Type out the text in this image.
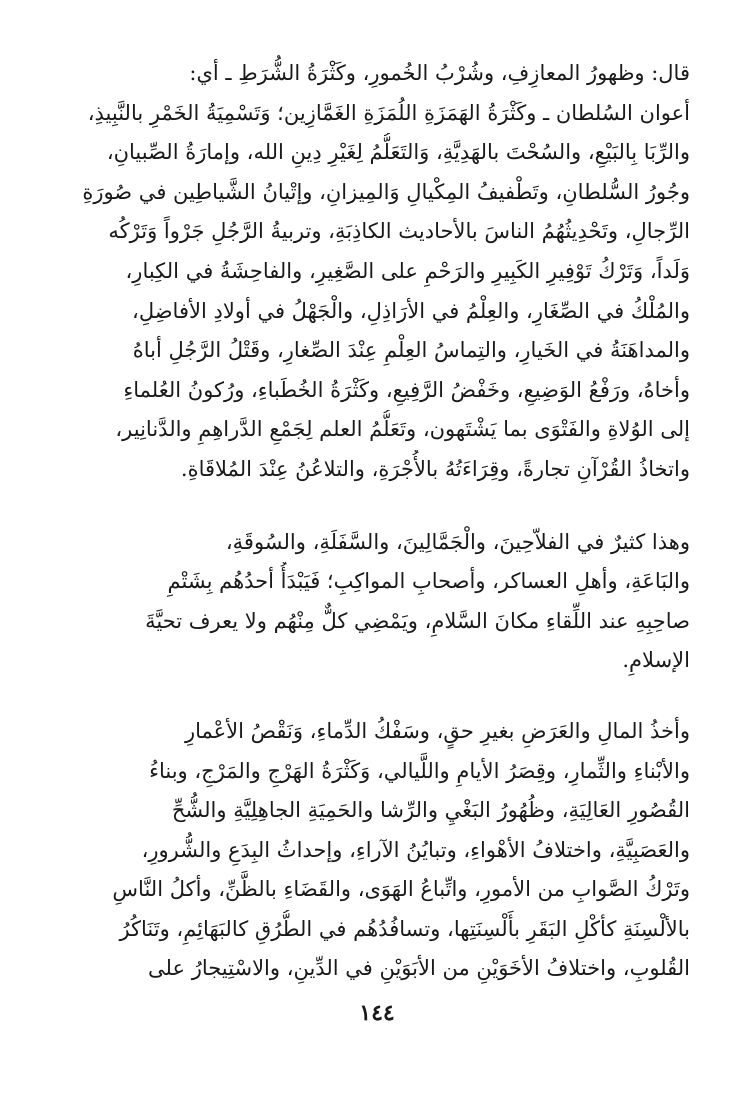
قال: وظهورُ المعازِفِ، وشُرْبُ الخُمورِ، وكَثْرَةُ الشُّرَطِ ـ أي:
أعوان السُلطان ـ وكَثْرَةُ الهَمَزَةِ اللُمَزَةِ الغَمَّازِين؛ وَتَسْمِيَةُ الخَمْرِ بالنَّبِيذِ،
والرِّبَا بِالبَيْعِ، والسُحْتَ بالهَدِيَّةِ، وَالتَعَلُّمُ لِغَيْرِ دِينِ الله، وإمارَةُ الصِّبيانِ،
وجُورُ السُّلطانِ، وتَطْفيفُ المِكْيالِ وَالمِيزانِ، وإتْيانُ الشَّياطِين في صُورَةِ
الرِّجالِ، وتَحْدِيثُهُمُ الناسَ بالأحاديث الكاذِبَةِ، وتربيةُ الرَّجُلِ جَرْواً وَتَرْكُه
وَلَداً، وَتَرْكُ تَوْفِيرِ الكَبِيرِ والرَحْمِ على الصَّغِيرِ، والفاحِشَةُ في الكِبارِ،
والمُلْكُ في الصِّغَارِ، والعِلْمُ في الأرَاذِلِ، والْجَهْلُ في أولادِ الأفاضِلِ،
والمداهَنَةُ في الخَيارِ، والتِماسُ العِلْمِ عِنْدَ الصِّغارِ، وقَتْلُ الرَّجُلِ أباهُ
وأخاهُ، ورَفْعُ الوَضِيعِ، وخَفْضُ الرَّفِيعِ، وكَثْرَةُ الخُطَباءِ، ورُكونُ العُلماءِ
إلى الوُلاةِ والفَتْوَى بما يَشْتَهون، وتَعَلُّمُ العلم لِجَمْعِ الدَّراهِمِ والدَّنانِير،
واتخاذُ القُرْآنِ تجارةً، وقِرَاءَتُهُ بالأُجْرَةِ، والتلاعُنُ عِنْدَ المُلاقَاةِ.

وهذا كثيرٌ في الفلاّحِينَ، والْجَمَّالِينَ، والسَّفَلَةِ، والسُوقَةِ،
والبَاعَةِ، وأهلِ العساكر، وأصحابِ المواكِبِ؛ فَيَبْدَأُ أحدُهُم بِشَتْمِ
صاحِبِهِ عند اللِّقاءِ مكانَ السَّلامِ، ويَمْضِي كلٌّ مِنْهُم ولا يعرف تحيَّةَ
الإسلامِ.

وأخذُ المالِ والعَرَضِ بغيرِ حقٍ، وسَفْكُ الدِّماءِ، وَنَقْصُ الأعْمارِ
والأبْناءِ والثِّمارِ، وقِصَرُ الأيامِ واللَّيالي، وَكَثْرَةُ الهَرْجِ والمَرْجِ، وبناءُ
القُصُورِ العَالِيَةِ، وظُهُورُ البَغْيِ والرِّشا والحَمِيَةِ الجاهِلِيَّةِ والشُّحِّ
والعَصَبِيَّةِ، واختلافُ الأهْواءِ، وتبايُنُ الآراءِ، وإحداثُ البِدَعِ والشُّرورِ،
وتَرْكُ الصَّوابِ من الأمورِ، واتِّباعُ الهَوَى، والقَضَاءِ بالظَّنِّ، وأكلُ النَّاسِ
بالألْسِنَةِ كأكْلِ البَقَرِ بأَلْسِنَتِها، وتسافُدُهُم في الطُّرُقِ كالبَهَائِمِ، وتَنَاكُرُ
القُلوبِ، واختلافُ الأخَوَيْنِ من الأبَوَيْنِ في الدِّينِ، والاسْتِيجارُ على

١٤٤
